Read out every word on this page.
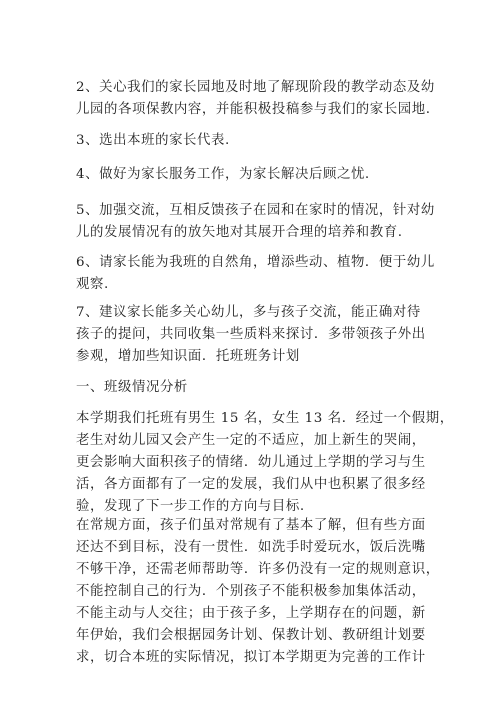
2、关心我们的家长园地及时地了解现阶段的教学动态及幼
儿园的各项保教内容，并能积极投稿参与我们的家长园地.

3、选出本班的家长代表.

4、做好为家长服务工作，为家长解决后顾之忧.

5、加强交流，互相反馈孩子在园和在家时的情况，针对幼
儿的发展情况有的放矢地对其展开合理的培养和教育.

6、请家长能为我班的自然角，增添些动、植物．便于幼儿
观察.

7、建议家长能多关心幼儿，多与孩子交流，能正确对待
孩子的提问，共同收集一些质料来探讨．多带领孩子外出
参观，增加些知识面．托班班务计划

一、班级情况分析

本学期我们托班有男生 15 名，女生 13 名．经过一个假期，
老生对幼儿园又会产生一定的不适应，加上新生的哭闹，
更会影响大面积孩子的情绪．幼儿通过上学期的学习与生
活，各方面都有了一定的发展，我们从中也积累了很多经
验，发现了下一步工作的方向与目标.

在常规方面，孩子们虽对常规有了基本了解，但有些方面
还达不到目标，没有一贯性．如洗手时爱玩水，饭后洗嘴
不够干净，还需老师帮助等．许多仍没有一定的规则意识，
不能控制自己的行为．个别孩子不能积极参加集体活动，
不能主动与人交往；由于孩子多，上学期存在的问题，新
年伊始，我们会根据园务计划、保教计划、教研组计划要
求，切合本班的实际情况，拟订本学期更为完善的工作计
